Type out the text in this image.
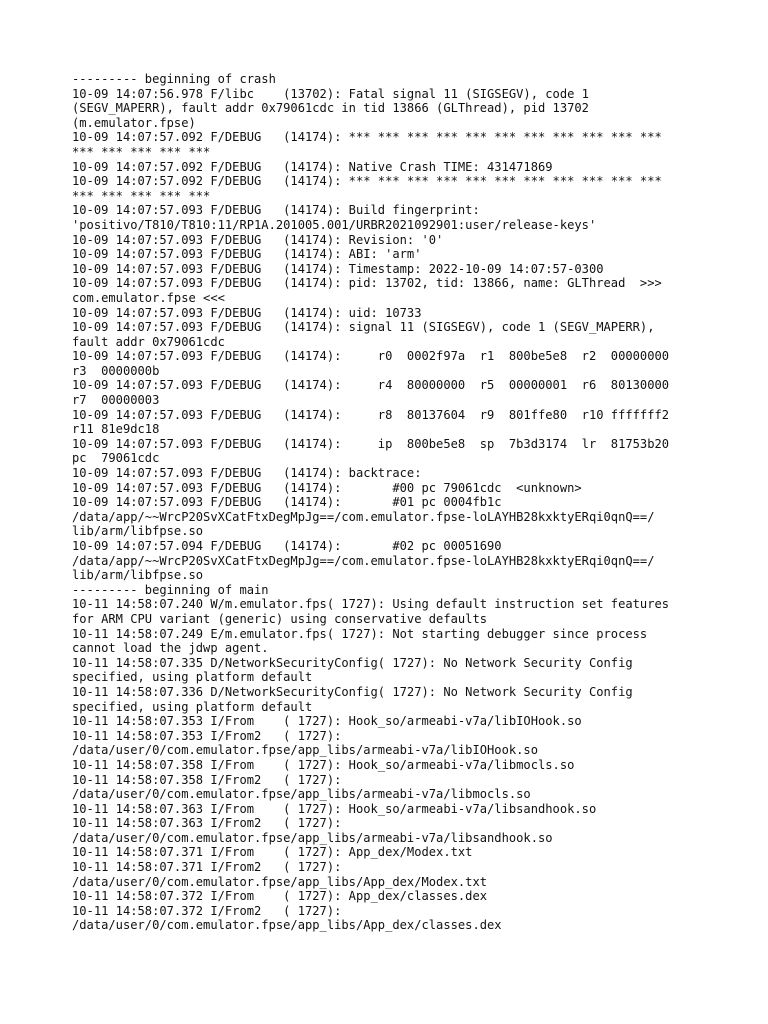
--------- beginning of crash
10-09 14:07:56.978 F/libc    (13702): Fatal signal 11 (SIGSEGV), code 1
(SEGV_MAPERR), fault addr 0x79061cdc in tid 13866 (GLThread), pid 13702
(m.emulator.fpse)
10-09 14:07:57.092 F/DEBUG   (14174): *** *** *** *** *** *** *** *** *** *** ***
*** *** *** *** ***
10-09 14:07:57.092 F/DEBUG   (14174): Native Crash TIME: 431471869
10-09 14:07:57.092 F/DEBUG   (14174): *** *** *** *** *** *** *** *** *** *** ***
*** *** *** *** ***
10-09 14:07:57.093 F/DEBUG   (14174): Build fingerprint:
'positivo/T810/T810:11/RP1A.201005.001/URBR2021092901:user/release-keys'
10-09 14:07:57.093 F/DEBUG   (14174): Revision: '0'
10-09 14:07:57.093 F/DEBUG   (14174): ABI: 'arm'
10-09 14:07:57.093 F/DEBUG   (14174): Timestamp: 2022-10-09 14:07:57-0300
10-09 14:07:57.093 F/DEBUG   (14174): pid: 13702, tid: 13866, name: GLThread  >>>
com.emulator.fpse <<<
10-09 14:07:57.093 F/DEBUG   (14174): uid: 10733
10-09 14:07:57.093 F/DEBUG   (14174): signal 11 (SIGSEGV), code 1 (SEGV_MAPERR),
fault addr 0x79061cdc
10-09 14:07:57.093 F/DEBUG   (14174):     r0  0002f97a  r1  800be5e8  r2  00000000
r3  0000000b
10-09 14:07:57.093 F/DEBUG   (14174):     r4  80000000  r5  00000001  r6  80130000
r7  00000003
10-09 14:07:57.093 F/DEBUG   (14174):     r8  80137604  r9  801ffe80  r10 fffffff2
r11 81e9dc18
10-09 14:07:57.093 F/DEBUG   (14174):     ip  800be5e8  sp  7b3d3174  lr  81753b20
pc  79061cdc
10-09 14:07:57.093 F/DEBUG   (14174): backtrace:
10-09 14:07:57.093 F/DEBUG   (14174):       #00 pc 79061cdc  <unknown>
10-09 14:07:57.093 F/DEBUG   (14174):       #01 pc 0004fb1c
/data/app/~~WrcP20SvXCatFtxDegMpJg==/com.emulator.fpse-loLAYHB28kxktyERqi0qnQ==/
lib/arm/libfpse.so
10-09 14:07:57.094 F/DEBUG   (14174):       #02 pc 00051690
/data/app/~~WrcP20SvXCatFtxDegMpJg==/com.emulator.fpse-loLAYHB28kxktyERqi0qnQ==/
lib/arm/libfpse.so
--------- beginning of main
10-11 14:58:07.240 W/m.emulator.fps( 1727): Using default instruction set features
for ARM CPU variant (generic) using conservative defaults
10-11 14:58:07.249 E/m.emulator.fps( 1727): Not starting debugger since process
cannot load the jdwp agent.
10-11 14:58:07.335 D/NetworkSecurityConfig( 1727): No Network Security Config
specified, using platform default
10-11 14:58:07.336 D/NetworkSecurityConfig( 1727): No Network Security Config
specified, using platform default
10-11 14:58:07.353 I/From    ( 1727): Hook_so/armeabi-v7a/libIOHook.so
10-11 14:58:07.353 I/From2   ( 1727):
/data/user/0/com.emulator.fpse/app_libs/armeabi-v7a/libIOHook.so
10-11 14:58:07.358 I/From    ( 1727): Hook_so/armeabi-v7a/libmocls.so
10-11 14:58:07.358 I/From2   ( 1727):
/data/user/0/com.emulator.fpse/app_libs/armeabi-v7a/libmocls.so
10-11 14:58:07.363 I/From    ( 1727): Hook_so/armeabi-v7a/libsandhook.so
10-11 14:58:07.363 I/From2   ( 1727):
/data/user/0/com.emulator.fpse/app_libs/armeabi-v7a/libsandhook.so
10-11 14:58:07.371 I/From    ( 1727): App_dex/Modex.txt
10-11 14:58:07.371 I/From2   ( 1727):
/data/user/0/com.emulator.fpse/app_libs/App_dex/Modex.txt
10-11 14:58:07.372 I/From    ( 1727): App_dex/classes.dex
10-11 14:58:07.372 I/From2   ( 1727):
/data/user/0/com.emulator.fpse/app_libs/App_dex/classes.dex
